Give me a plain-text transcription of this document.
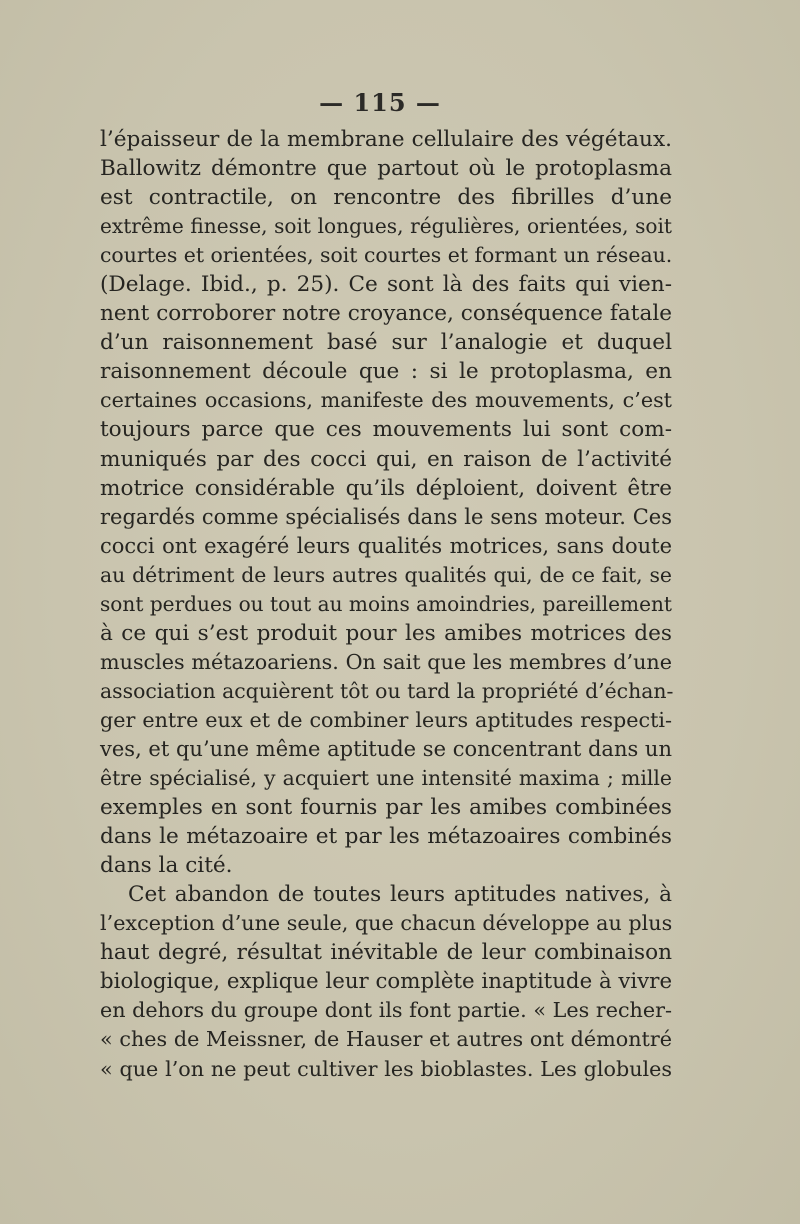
— 115 —
l’épaisseur de la membrane cellulaire des végétaux.
Ballowitz démontre que partout où le protoplasma
est contractile, on rencontre des fibrilles d’une
extrême finesse, soit longues, régulières, orientées, soit
courtes et orientées, soit courtes et formant un réseau.
(Delage. Ibid., p. 25). Ce sont là des faits qui vien-
nent corroborer notre croyance, conséquence fatale
d’un raisonnement basé sur l’analogie et duquel
raisonnement découle que : si le protoplasma, en
certaines occasions, manifeste des mouvements, c’est
toujours parce que ces mouvements lui sont com-
muniqués par des cocci qui, en raison de l’activité
motrice considérable qu’ils déploient, doivent être
regardés comme spécialisés dans le sens moteur. Ces
cocci ont exagéré leurs qualités motrices, sans doute
au détriment de leurs autres qualités qui, de ce fait, se
sont perdues ou tout au moins amoindries, pareillement
à ce qui s’est produit pour les amibes motrices des
muscles métazoariens. On sait que les membres d’une
association acquièrent tôt ou tard la propriété d’échan-
ger entre eux et de combiner leurs aptitudes respecti-
ves, et qu’une même aptitude se concentrant dans un
être spécialisé, y acquiert une intensité maxima ; mille
exemples en sont fournis par les amibes combinées
dans le métazoaire et par les métazoaires combinés
dans la cité.
Cet abandon de toutes leurs aptitudes natives, à
l’exception d’une seule, que chacun développe au plus
haut degré, résultat inévitable de leur combinaison
biologique, explique leur complète inaptitude à vivre
en dehors du groupe dont ils font partie. « Les recher-
« ches de Meissner, de Hauser et autres ont démontré
« que l’on ne peut cultiver les bioblastes. Les globules
